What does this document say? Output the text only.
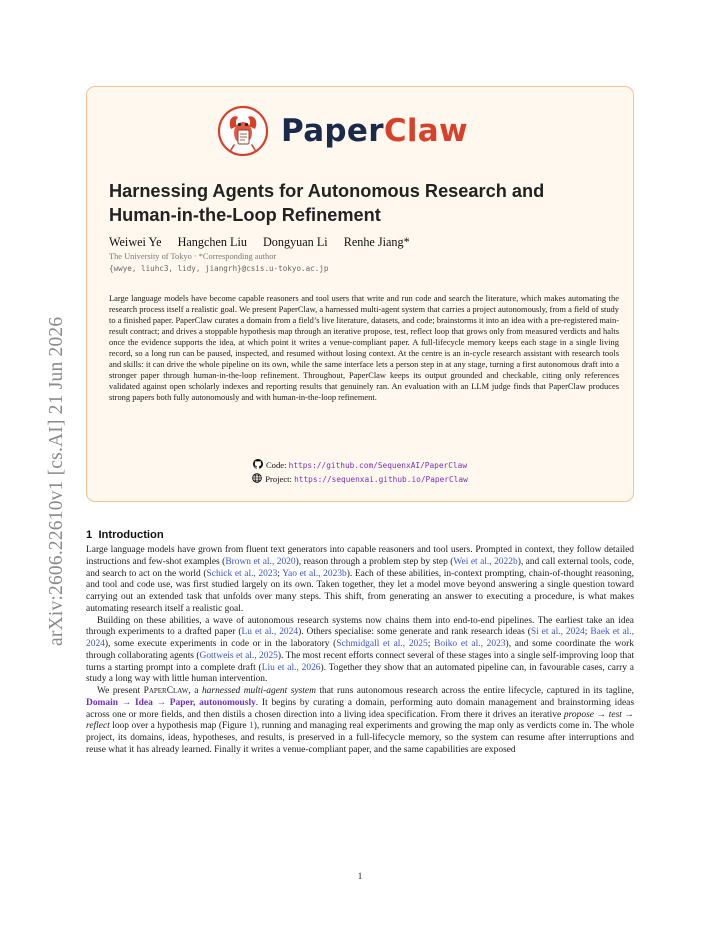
arXiv:2606.22610v1 [cs.AI] 21 Jun 2026
PaperClaw
Harnessing Agents for Autonomous Research and Human-in-the-Loop Refinement
Weiwei Ye Hangchen Liu Dongyuan Li Renhe Jiang*
The University of Tokyo · *Corresponding author
{wwye, liuhc3, lidy, jiangrh}@csis.u-tokyo.ac.jp

Large language models have become capable reasoners and tool users that write and run code and search the literature, which makes automating the research process itself a realistic goal. We present PaperClaw, a harnessed multi-agent system that carries a project autonomously, from a field of study to a finished paper. PaperClaw curates a domain from a field’s live literature, datasets, and code; brainstorms it into an idea with a pre-registered main-result contract; and drives a stoppable hypothesis map through an iterative propose, test, reflect loop that grows only from measured verdicts and halts once the evidence supports the idea, at which point it writes a venue-compliant paper. A full-lifecycle memory keeps each stage in a single living record, so a long run can be paused, inspected, and resumed without losing context. At the centre is an in-cycle research assistant with research tools and skills: it can drive the whole pipeline on its own, while the same interface lets a person step in at any stage, turning a first autonomous draft into a stronger paper through human-in-the-loop refinement. Throughout, PaperClaw keeps its output grounded and checkable, citing only references validated against open scholarly indexes and reporting results that genuinely ran. An evaluation with an LLM judge finds that PaperClaw produces strong papers both fully autonomously and with human-in-the-loop refinement.

Code: https://github.com/SequenxAI/PaperClaw
Project: https://sequenxai.github.io/PaperClaw
1 Introduction

Large language models have grown from fluent text generators into capable reasoners and tool users. Prompted in context, they follow detailed instructions and few-shot examples (Brown et al., 2020), reason through a problem step by step (Wei et al., 2022b), and call external tools, code, and search to act on the world (Schick et al., 2023; Yao et al., 2023b). Each of these abilities, in-context prompting, chain-of-thought reasoning, and tool and code use, was first studied largely on its own. Taken together, they let a model move beyond answering a single question toward carrying out an extended task that unfolds over many steps. This shift, from generating an answer to executing a procedure, is what makes automating research itself a realistic goal.

Building on these abilities, a wave of autonomous research systems now chains them into end-to-end pipelines. The earliest take an idea through experiments to a drafted paper (Lu et al., 2024). Others specialise: some generate and rank research ideas (Si et al., 2024; Baek et al., 2024), some execute experiments in code or in the laboratory (Schmidgall et al., 2025; Boiko et al., 2023), and some coordinate the work through collaborating agents (Gottweis et al., 2025). The most recent efforts connect several of these stages into a single self-improving loop that turns a starting prompt into a complete draft (Liu et al., 2026). Together they show that an automated pipeline can, in favourable cases, carry a study a long way with little human intervention.

We present PaperClaw, a harnessed multi-agent system that runs autonomous research across the entire lifecycle, captured in its tagline, Domain → Idea → Paper, autonomously. It begins by curating a domain, performing auto domain management and brainstorming ideas across one or more fields, and then distils a chosen direction into a living idea specification. From there it drives an iterative propose → test → reflect loop over a hypothesis map (Figure 1), running and managing real experiments and growing the map only as verdicts come in. The whole project, its domains, ideas, hypotheses, and results, is preserved in a full-lifecycle memory, so the system can resume after interruptions and reuse what it has already learned. Finally it writes a venue-compliant paper, and the same capabilities are exposed

1
